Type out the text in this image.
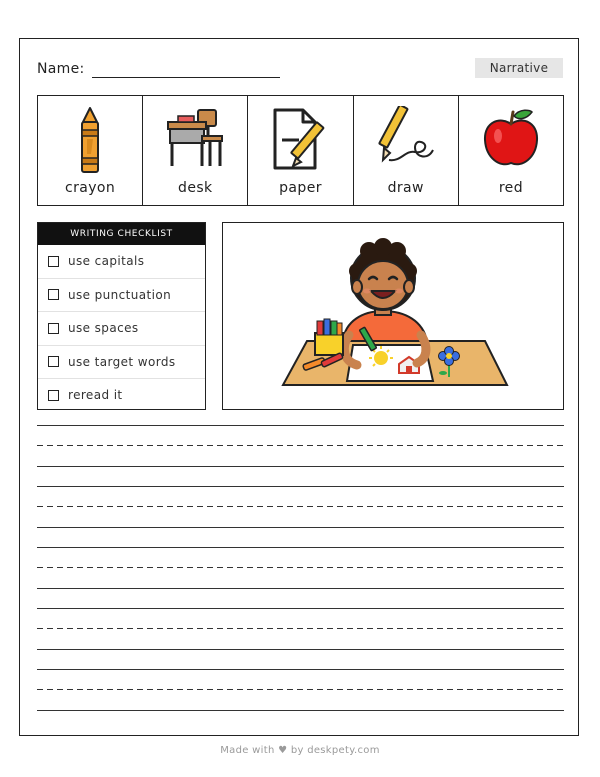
Name:	Narrative
crayon	desk	paper	draw	red
WRITING CHECKLIST
use capitals
use punctuation
use spaces
use target words
reread it
Made with ♥ by deskpety.com
